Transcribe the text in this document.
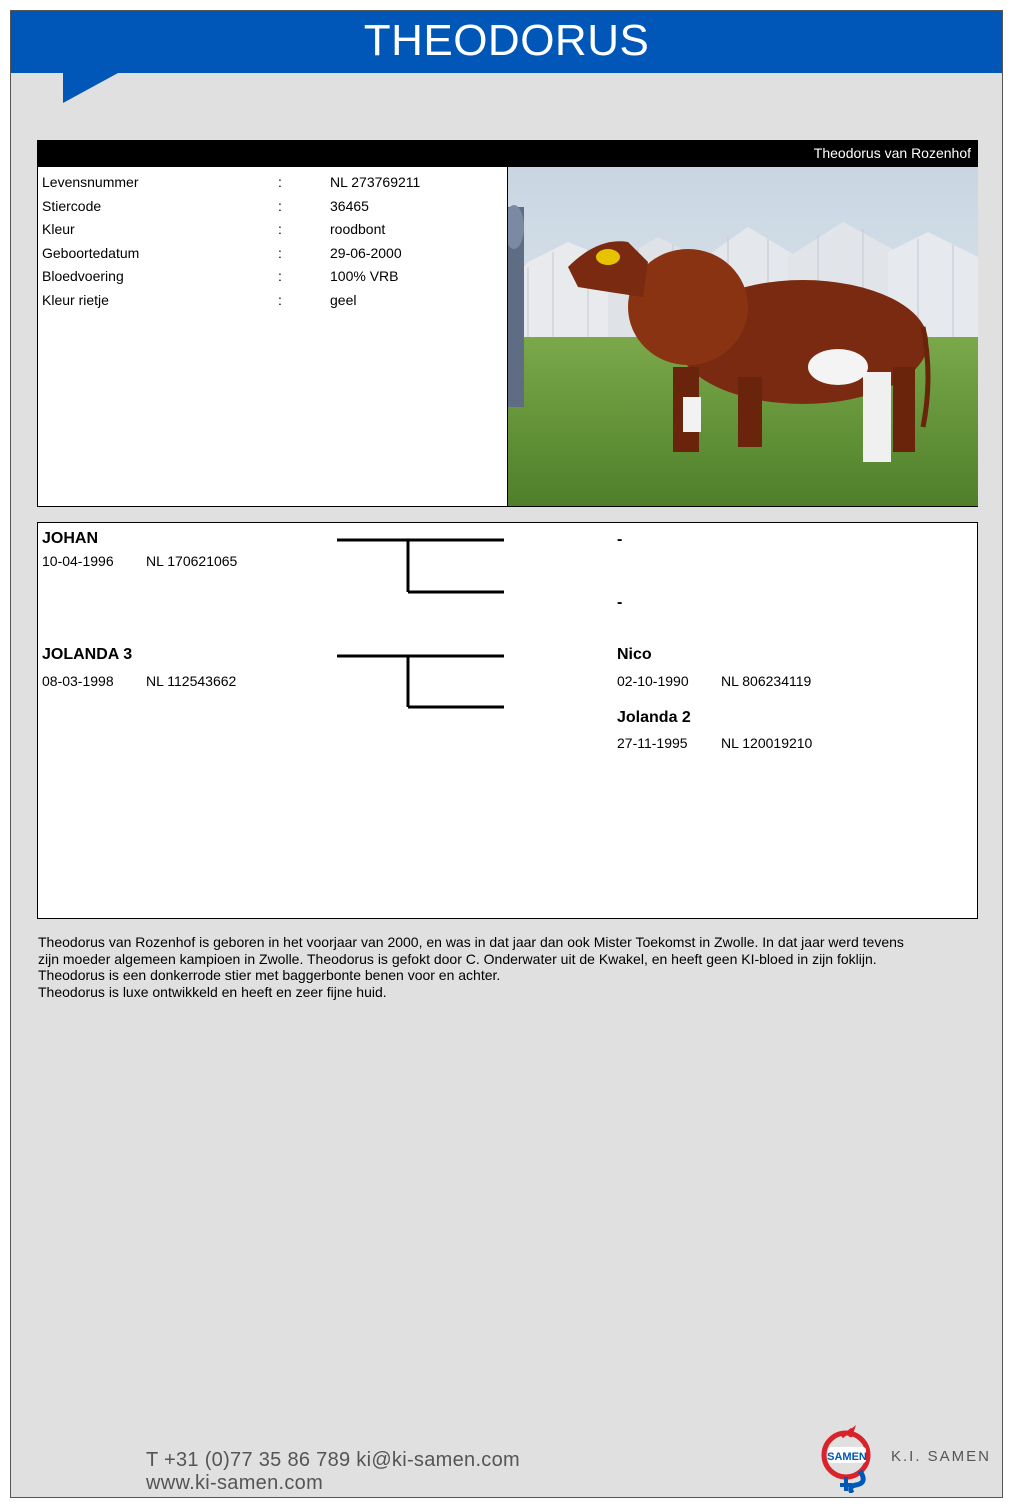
THEODORUS
Theodorus van Rozenhof
Levensnummer	:	NL 273769211
Stiercode	:	36465
Kleur	:	roodbont
Geboortedatum	:	29-06-2000
Bloedvoering	:	100% VRB
Kleur rietje	:	geel
JOHAN
10-04-1996 NL 170621065
-
-
JOLANDA 3
08-03-1998 NL 112543662
Nico
02-10-1990 NL 806234119
Jolanda 2
27-11-1995 NL 120019210

Theodorus van Rozenhof is geboren in het voorjaar van 2000, en was in dat jaar dan ook Mister Toekomst in Zwolle. In dat jaar werd tevens

zijn moeder algemeen kampioen in Zwolle. Theodorus is gefokt door C. Onderwater uit de Kwakel, en heeft geen KI-bloed in zijn foklijn.

Theodorus is een donkerrode stier met baggerbonte benen voor en achter.

Theodorus is luxe ontwikkeld en heeft en zeer fijne huid.

T +31 (0)77 35 86 789 ki@ki-samen.com
www.ki-samen.com
SAMEN K.I. SAMEN
